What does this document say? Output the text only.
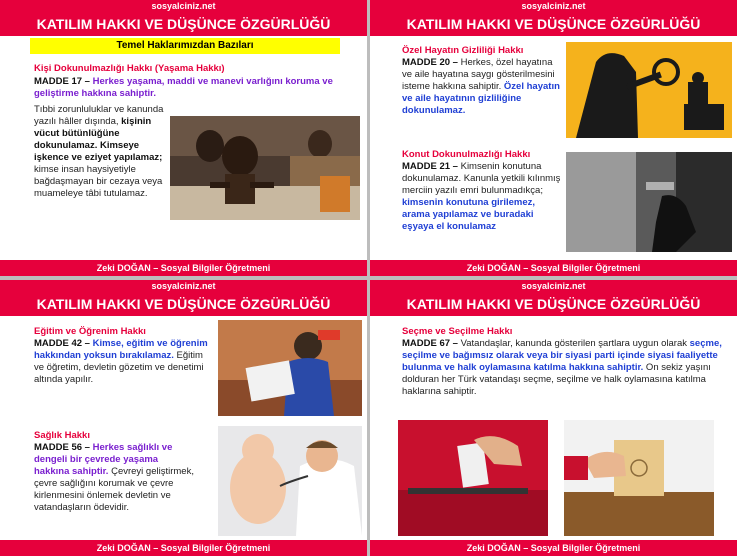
sosyalciniz.net
KATILIM HAKKI VE DÜŞÜNCE ÖZGÜRLÜĞÜ
Temel Haklarımızdan Bazıları
Kişi Dokunulmazlığı Hakkı (Yaşama Hakkı)
MADDE 17 – Herkes yaşama, maddi ve manevi varlığını koruma ve geliştirme hakkına sahiptir.
Tıbbi zorunluluklar ve kanunda yazılı hâller dışında, kişinin vücut bütünlüğüne dokunulamaz. Kimseye işkence ve eziyet yapılamaz; kimse insan haysiyetiyle bağdaşmayan bir cezaya veya muameleye tâbi tutulamaz.
Zeki DOĞAN – Sosyal Bilgiler Öğretmeni
sosyalciniz.net
KATILIM HAKKI VE DÜŞÜNCE ÖZGÜRLÜĞÜ
Özel Hayatın Gizliliği Hakkı
MADDE 20 – Herkes, özel hayatına ve aile hayatına saygı gösterilmesini isteme hakkına sahiptir. Özel hayatın ve aile hayatının gizliliğine dokunulamaz.
Konut Dokunulmazlığı Hakkı
MADDE 21 – Kimsenin konutuna dokunulamaz. Kanunla yetkili kılınmış merciin yazılı emri bulunmadıkça; kimsenin konutuna girilemez, arama yapılamaz ve buradaki eşyaya el konulamaz
Zeki DOĞAN – Sosyal Bilgiler Öğretmeni
sosyalciniz.net
KATILIM HAKKI VE DÜŞÜNCE ÖZGÜRLÜĞÜ
Eğitim ve Öğrenim Hakkı
MADDE 42 – Kimse, eğitim ve öğrenim hakkından yoksun bırakılamaz. Eğitim ve öğretim, devletin gözetim ve denetimi altında yapılır.
Sağlık Hakkı
MADDE 56 – Herkes sağlıklı ve dengeli bir çevrede yaşama hakkına sahiptir. Çevreyi geliştirmek, çevre sağlığını korumak ve çevre kirlenmesini önlemek devletin ve vatandaşların ödevidir.
Zeki DOĞAN – Sosyal Bilgiler Öğretmeni
sosyalciniz.net
KATILIM HAKKI VE DÜŞÜNCE ÖZGÜRLÜĞÜ
Seçme ve Seçilme Hakkı
MADDE 67 – Vatandaşlar, kanunda gösterilen şartlara uygun olarak seçme, seçilme ve bağımsız olarak veya bir siyasi parti içinde siyasi faaliyette bulunma ve halk oylamasına katılma hakkına sahiptir. On sekiz yaşını dolduran her Türk vatandaşı seçme, seçilme ve halk oylamasına katılma haklarına sahiptir.
Zeki DOĞAN – Sosyal Bilgiler Öğretmeni
